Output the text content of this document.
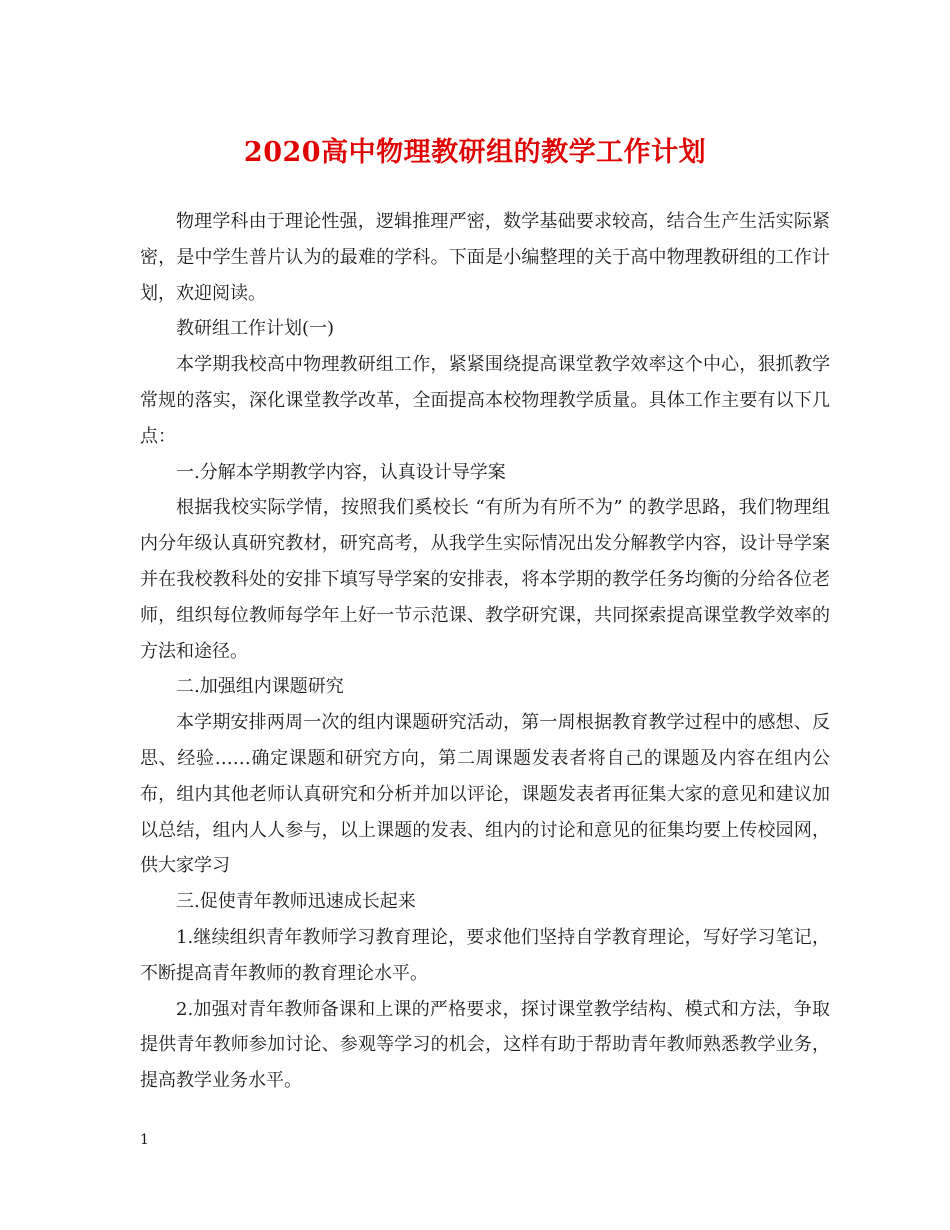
2020高中物理教研组的教学工作计划

物理学科由于理论性强，逻辑推理严密，数学基础要求较高，结合生产生活实际紧密，是中学生普片认为的最难的学科。下面是小编整理的关于高中物理教研组的工作计划，欢迎阅读。

教研组工作计划(一)

本学期我校高中物理教研组工作，紧紧围绕提高课堂教学效率这个中心，狠抓教学常规的落实，深化课堂教学改革，全面提高本校物理教学质量。具体工作主要有以下几点：

一.分解本学期教学内容，认真设计导学案

根据我校实际学情，按照我们奚校长 “有所为有所不为” 的教学思路，我们物理组内分年级认真研究教材，研究高考，从我学生实际情况出发分解教学内容，设计导学案并在我校教科处的安排下填写导学案的安排表，将本学期的教学任务均衡的分给各位老师，组织每位教师每学年上好一节示范课、教学研究课，共同探索提高课堂教学效率的方法和途径。

二.加强组内课题研究

本学期安排两周一次的组内课题研究活动，第一周根据教育教学过程中的感想、反思、经验……确定课题和研究方向，第二周课题发表者将自己的课题及内容在组内公布，组内其他老师认真研究和分析并加以评论，课题发表者再征集大家的意见和建议加以总结，组内人人参与，以上课题的发表、组内的讨论和意见的征集均要上传校园网，供大家学习

三.促使青年教师迅速成长起来

1.继续组织青年教师学习教育理论，要求他们坚持自学教育理论，写好学习笔记，不断提高青年教师的教育理论水平。

2.加强对青年教师备课和上课的严格要求，探讨课堂教学结构、模式和方法，争取提供青年教师参加讨论、参观等学习的机会，这样有助于帮助青年教师熟悉教学业务，提高教学业务水平。

1
